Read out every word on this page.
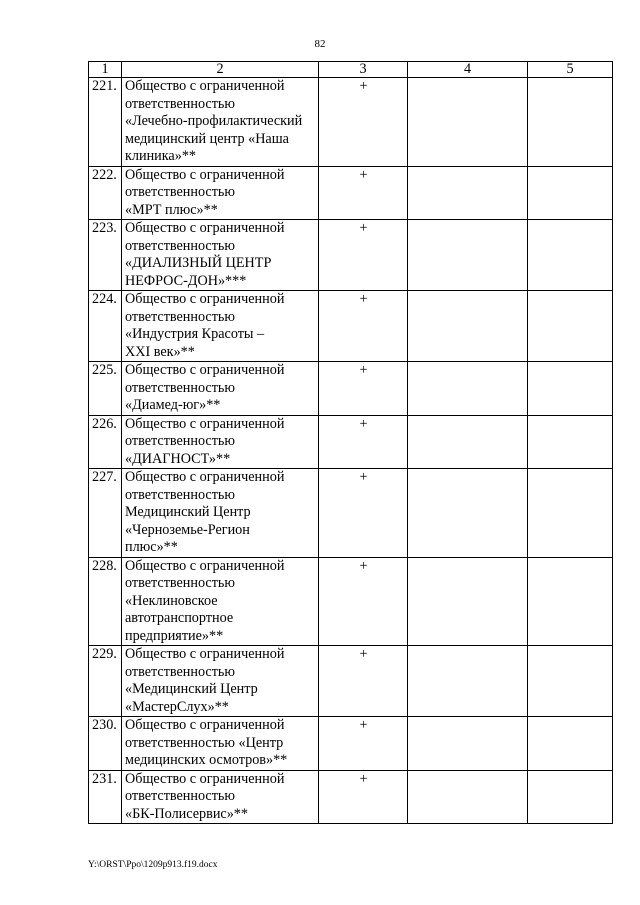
82
1	2	3	4	5
221.	Общество с ограниченной
ответственностью
«Лечебно-профилактический
медицинский центр «Наша
клиника»**	+		
222.	Общество с ограниченной
ответственностью
«МРТ плюс»**	+		
223.	Общество с ограниченной
ответственностью
«ДИАЛИЗНЫЙ ЦЕНТР
НЕФРОС-ДОН»***	+		
224.	Общество с ограниченной
ответственностью
«Индустрия Красоты –
XXI век»**	+		
225.	Общество с ограниченной
ответственностью
«Диамед-юг»**	+		
226.	Общество с ограниченной
ответственностью
«ДИАГНОСТ»**	+		
227.	Общество с ограниченной
ответственностью
Медицинский Центр
«Черноземье-Регион
плюс»**	+		
228.	Общество с ограниченной
ответственностью
«Неклиновское
автотранспортное
предприятие»**	+		
229.	Общество с ограниченной
ответственностью
«Медицинский Центр
«МастерСлух»**	+		
230.	Общество с ограниченной
ответственностью «Центр
медицинских осмотров»**	+		
231.	Общество с ограниченной
ответственностью
«БК-Полисервис»**	+		
Y:\ORST\Ppo\1209p913.f19.docx
